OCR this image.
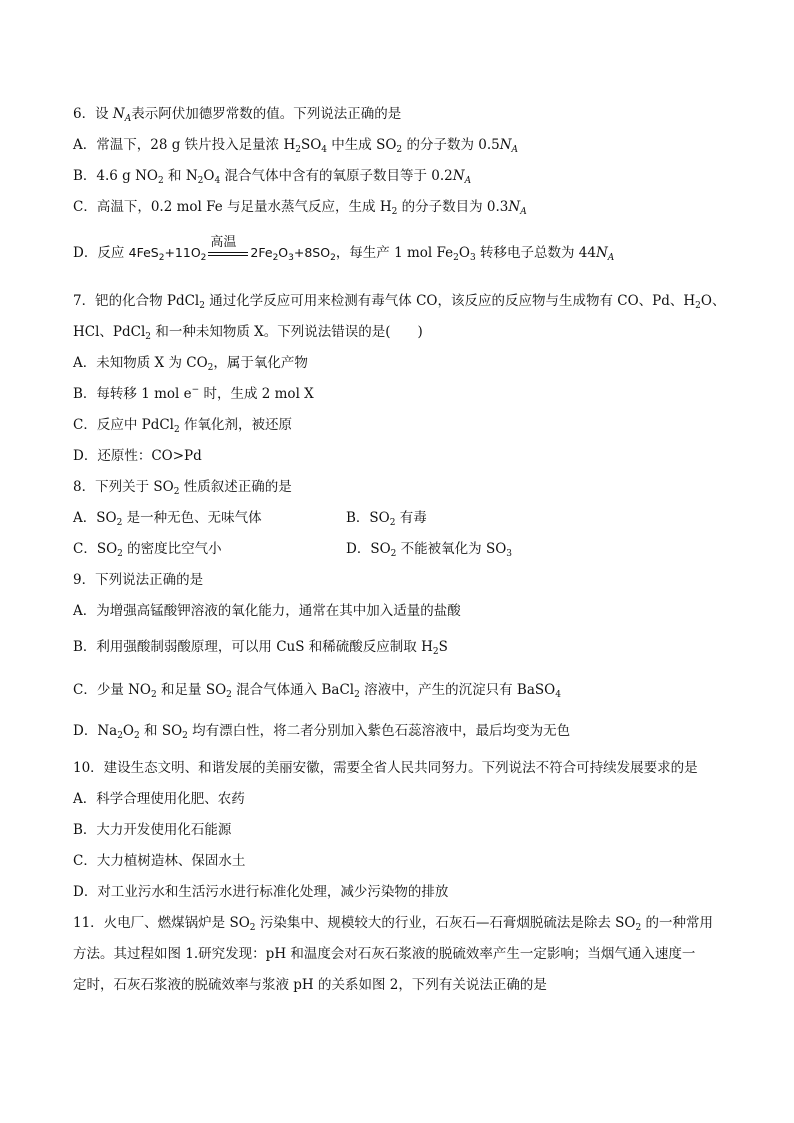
6．设 $N_A$表示阿伏加德罗常数的值。下列说法正确的是
A．常温下，28 g 铁片投入足量浓 $H_2SO_4$ 中生成 $SO_2$ 的分子数为 $0.5N_A$
B．4.6 g $NO_2$ 和 $N_2O_4$ 混合气体中含有的氧原子数目等于 $0.2N_A$
C．高温下，0.2 mol Fe 与足量水蒸气反应，生成 $H_2$ 的分子数目为 $0.3N_A$
D．反应 $4FeS_2+11O_2$
高温
$2Fe_2O_3+8SO_2$，每生产 1 mol $Fe_2O_3$ 转移电子总数为 $44N_A$
7．钯的化合物 PdCl$_2$ 通过化学反应可用来检测有毒气体 CO，该反应的反应物与生成物有 CO、Pd、$H_2O$、
HCl、PdCl$_2$ 和一种未知物质 X。下列说法错误的是(　　)
A．未知物质 X 为 $CO_2$，属于氧化产物
B．每转移 1 mol e− 时，生成 2 mol X
C．反应中 PdCl$_2$ 作氧化剂，被还原
D．还原性：CO>Pd
8．下列关于 $SO_2$ 性质叙述正确的是
A．$SO_2$ 是一种无色、无味气体	B．$SO_2$ 有毒
C．$SO_2$ 的密度比空气小	D．$SO_2$ 不能被氧化为 $SO_3$
9．下列说法正确的是
A．为增强高锰酸钾溶液的氧化能力，通常在其中加入适量的盐酸
B．利用强酸制弱酸原理，可以用 CuS 和稀硫酸反应制取 $H_2S$
C．少量 $NO_2$ 和足量 $SO_2$ 混合气体通入 BaCl$_2$ 溶液中，产生的沉淀只有 BaSO$_4$
D．$Na_2O_2$ 和 $SO_2$ 均有漂白性，将二者分别加入紫色石蕊溶液中，最后均变为无色
10．建设生态文明、和谐发展的美丽安徽，需要全省人民共同努力。下列说法不符合可持续发展要求的是
A．科学合理使用化肥、农药
B．大力开发使用化石能源
C．大力植树造林、保固水土
D．对工业污水和生活污水进行标准化处理，减少污染物的排放
11．火电厂、燃煤锅炉是 $SO_2$ 污染集中、规模较大的行业，石灰石—石膏烟脱硫法是除去 $SO_2$ 的一种常用
方法。其过程如图 1.研究发现：pH 和温度会对石灰石浆液的脱硫效率产生一定影响；当烟气通入速度一
定时，石灰石浆液的脱硫效率与浆液 pH 的关系如图 2，下列有关说法正确的是
